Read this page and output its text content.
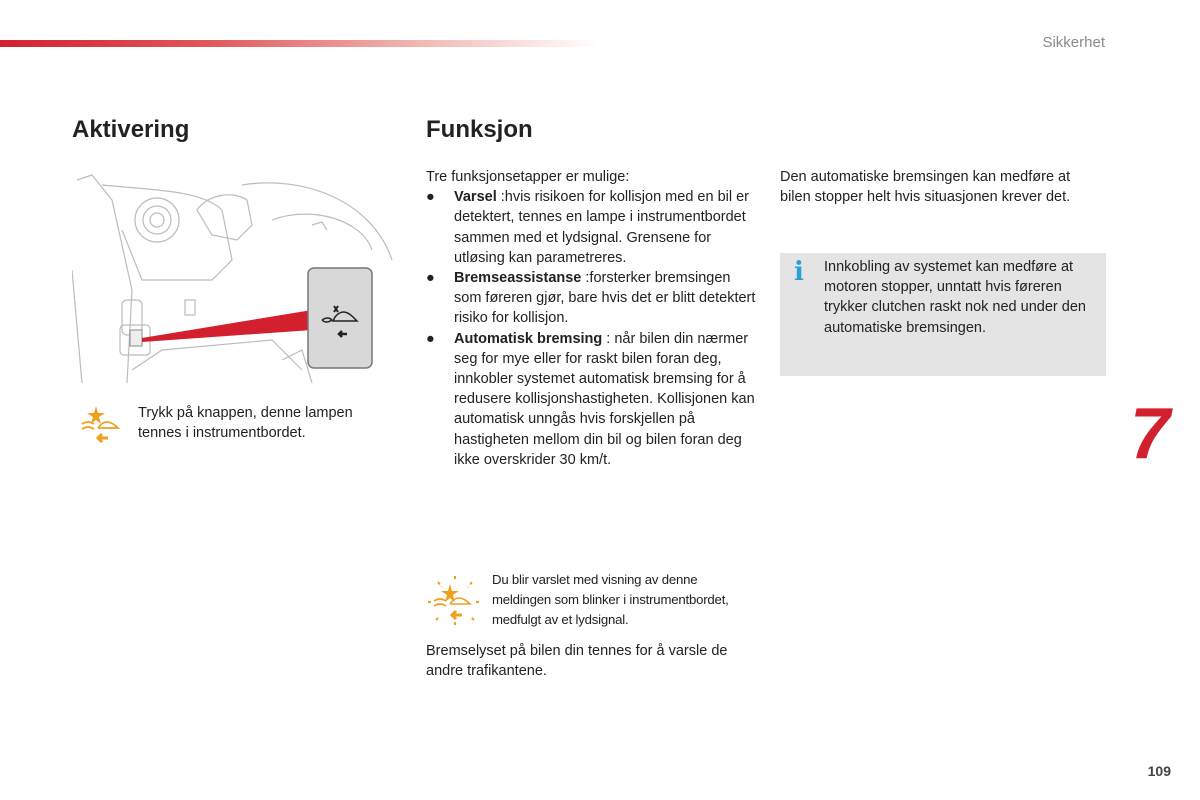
Sikkerhet
Aktivering	Funksjon
Trykk på knappen, denne lampen tennes i instrumentbordet.
Tre funksjonsetapper er mulige:
● Varsel :hvis risikoen for kollisjon med en bil er detektert, tennes en lampe i instrumentbordet sammen med et lydsignal. Grensene for utløsing kan parametreres.
● Bremseassistanse :forsterker bremsingen som føreren gjør, bare hvis det er blitt detektert risiko for kollisjon.
● Automatisk bremsing : når bilen din nærmer seg for mye eller for raskt bilen foran deg, innkobler systemet automatisk bremsing for å redusere kollisjonshastigheten. Kollisjonen kan automatisk unngås hvis forskjellen på hastigheten mellom din bil og bilen foran deg ikke overskrider 30 km/t.
Du blir varslet med visning av denne meldingen som blinker i instrumentbordet, medfulgt av et lydsignal.
Bremselyset på bilen din tennes for å varsle de andre trafikantene.
Den automatiske bremsingen kan medføre at bilen stopper helt hvis situasjonen krever det.
i Innkobling av systemet kan medføre at motoren stopper, unntatt hvis føreren trykker clutchen raskt nok ned under den automatiske bremsingen.
7
109
